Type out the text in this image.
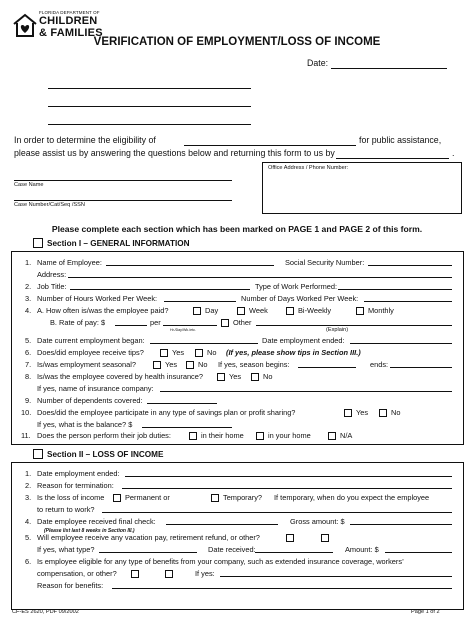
FLORIDA DEPARTMENT OF
CHILDREN
& FAMILIES
VERIFICATION OF EMPLOYMENT/LOSS OF INCOME
Date:
In order to determine the eligibility of	for public assistance,
please assist us by answering the questions below and returning this form to us by	.
Case Name
Case Number/Cat/Seq /SSN
Office Address / Phone Number:
Please complete each section which has been marked on PAGE 1 and PAGE 2 of this form.
Section I – GENERAL INFORMATION
1. Name of Employee:	Social Security Number:
Address:
2. Job Title:	Type of Work Performed:
3. Number of Hours Worked Per Week:	Number of Days Worked Per Week:
4. A. How often is/was the employee paid?	Day	Week	Bi-Weekly	Monthly
B. Rate of pay: $	per	Other
Hr./Day/Wk./etc.	(Explain)
5. Date current employment began:	Date employment ended:
6. Does/did employee receive tips?	Yes	No (If yes, please show tips in Section III.)
7. Is/was employment seasonal?	Yes	No If yes, season begins:	ends:
8. Is/was the employee covered by health insurance?	Yes	No
If yes, name of insurance company:
9. Number of dependents covered:
10. Does/did the employee participate in any type of savings plan or profit sharing?	Yes	No
If yes, what is the balance? $
11. Does the person perform their job duties:	in their home	in your home	N/A
Section II – LOSS OF INCOME
1. Date employment ended:
2. Reason for termination:
3. Is the loss of income	Permanent or	Temporary? If temporary, when do you expect the employee
to return to work?
4. Date employee received final check:	Gross amount: $
(Please list last 8 weeks in Section III.)
5. Will employee receive any vacation pay, retirement refund, or other?
If yes, what type?	Date received:	Amount: $
6. Is employee eligible for any type of benefits from your company, such as extended insurance coverage, workers’
compensation, or other?	If yes:
Reason for benefits:
CF-ES 2620, PDF 09/2002	Page 1 of 2
